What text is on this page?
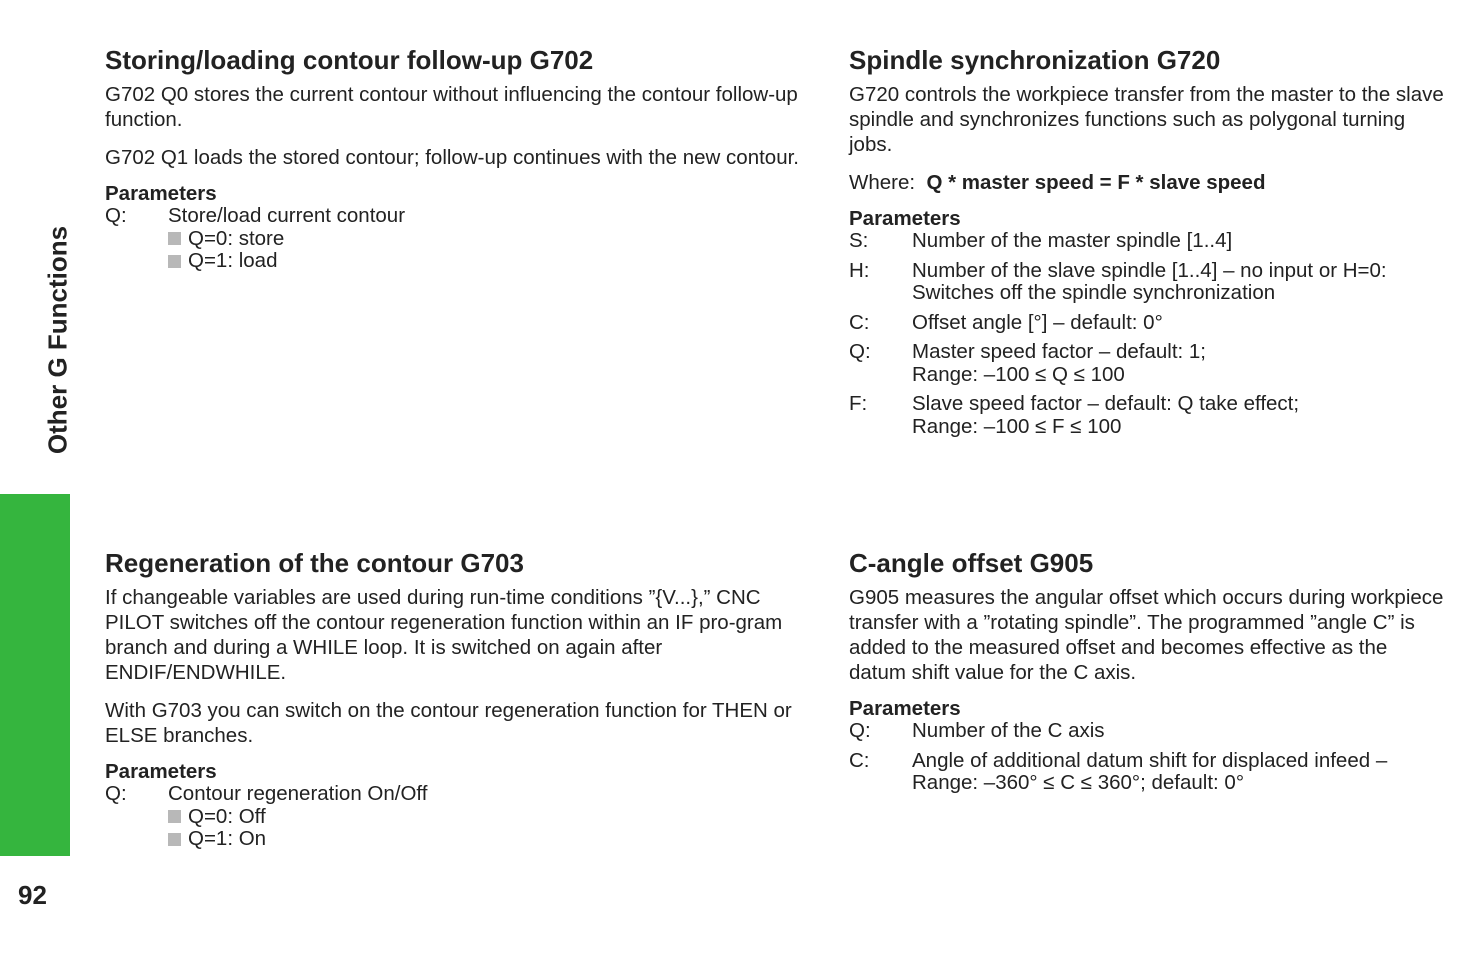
Other G Functions
92
Storing/loading contour follow-up G702

G702 Q0 stores the current contour without influencing the contour follow-up function.

G702 Q1 loads the stored contour; follow-up continues with the new contour.

Parameters
Q:	Store/load current contour
Q=0: store
Q=1: load
Spindle synchronization G720

G720 controls the workpiece transfer from the master to the slave spindle and synchronizes functions such as polygonal turning jobs.

Where: Q * master speed = F * slave speed

Parameters
S:	Number of the master spindle [1..4]
H:	Number of the slave spindle [1..4] – no input or H=0: Switches off the spindle synchronization
C:	Offset angle [°] – default: 0°
Q:	Master speed factor – default: 1;
Range: –100 ≤ Q ≤ 100
F:	Slave speed factor – default: Q take effect;
Range: –100 ≤ F ≤ 100
Regeneration of the contour G703

If changeable variables are used during run-time conditions ”{V...},” CNC PILOT switches off the contour regeneration function within an IF pro-gram branch and during a WHILE loop. It is switched on again after ENDIF/ENDWHILE.

With G703 you can switch on the contour regeneration function for THEN or ELSE branches.

Parameters
Q:	Contour regeneration On/Off
Q=0: Off
Q=1: On
C-angle offset G905

G905 measures the angular offset which occurs during workpiece transfer with a ”rotating spindle”. The programmed ”angle C” is added to the measured offset and becomes effective as the datum shift value for the C axis.

Parameters
Q:	Number of the C axis
C:	Angle of additional datum shift for displaced infeed – Range: –360° ≤ C ≤ 360°; default: 0°
